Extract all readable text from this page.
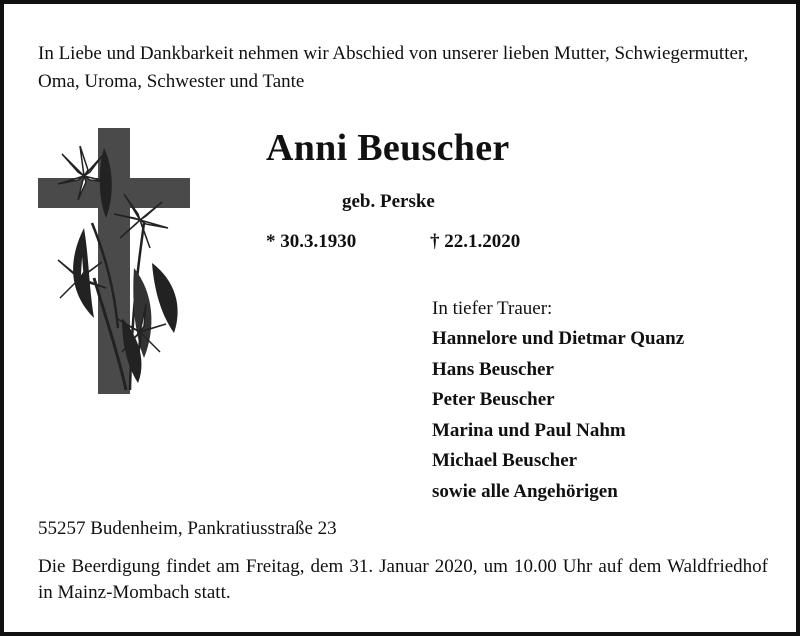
In Liebe und Dankbarkeit nehmen wir Abschied von unserer lieben Mutter, Schwiegermutter, Oma, Uroma, Schwester und Tante
Anni Beuscher
geb. Perske
* 30.3.1930	† 22.1.2020
In tiefer Trauer:
Hannelore und Dietmar Quanz
Hans Beuscher
Peter Beuscher
Marina und Paul Nahm
Michael Beuscher
sowie alle Angehörigen
55257 Budenheim, Pankratiusstraße 23
Die Beerdigung findet am Freitag, dem 31. Januar 2020, um 10.00 Uhr auf dem Waldfriedhof in Mainz-Mombach statt.
